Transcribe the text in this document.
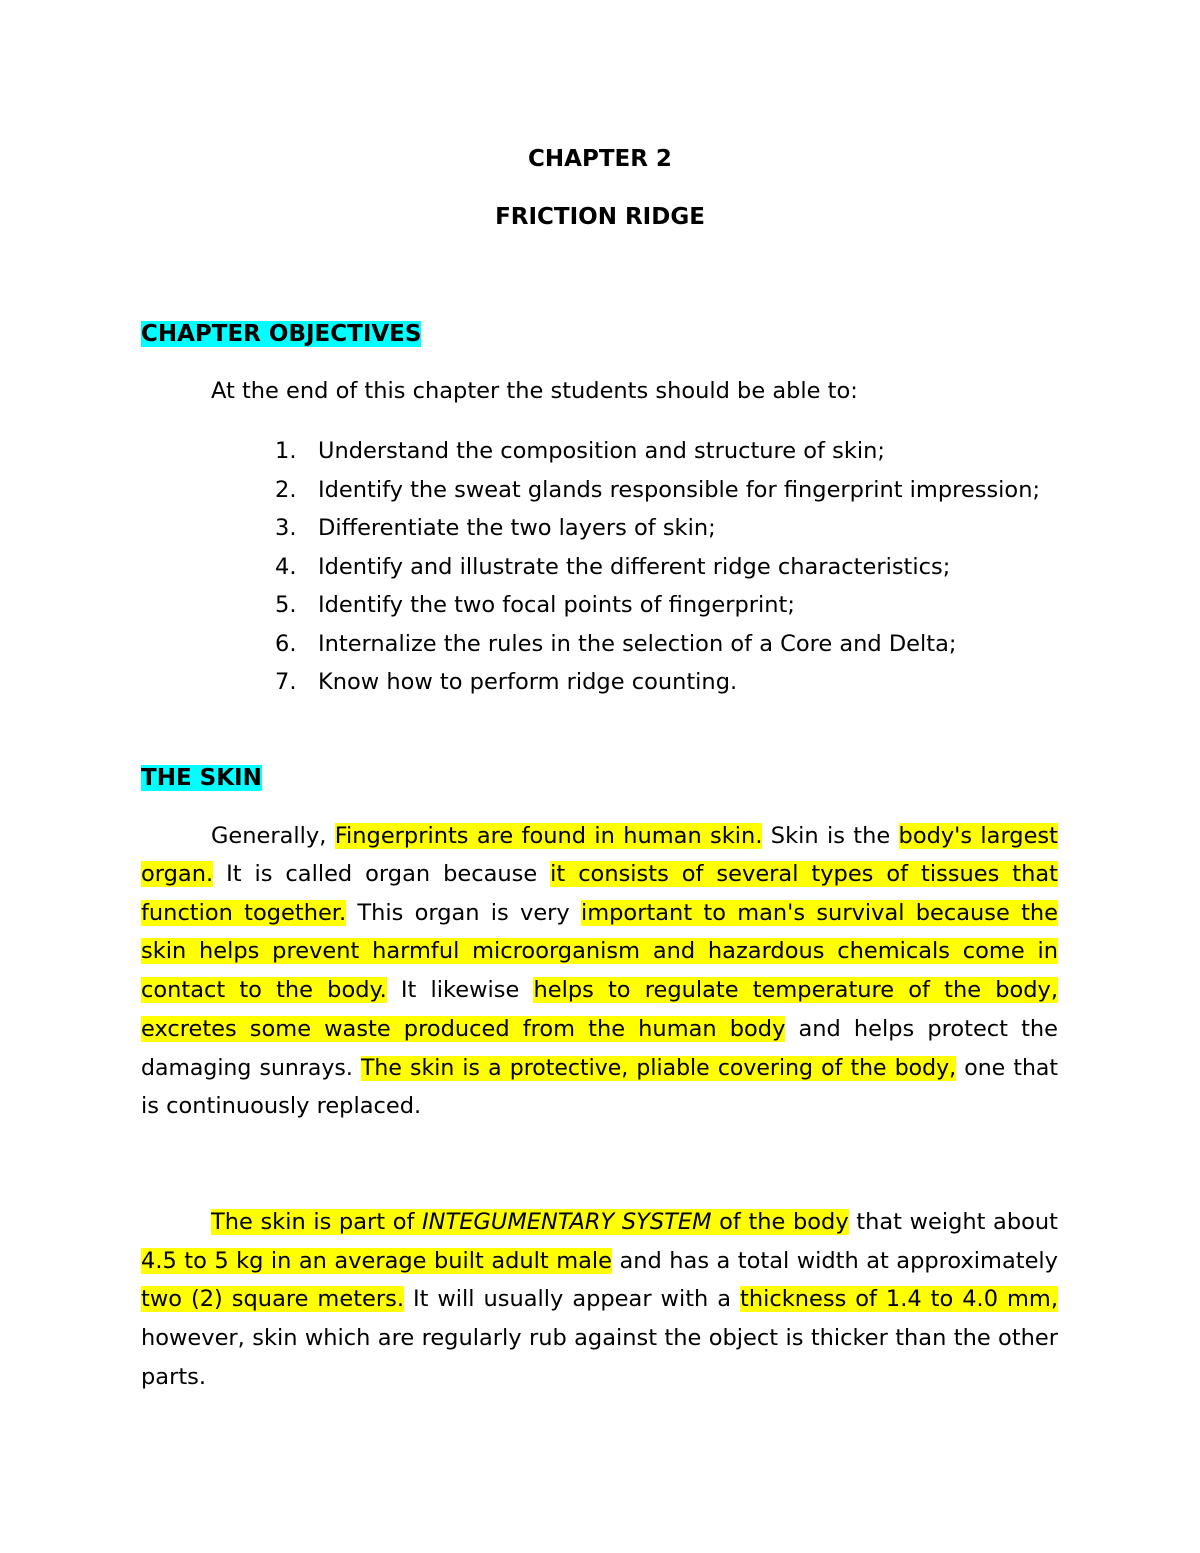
CHAPTER 2
FRICTION RIDGE
CHAPTER OBJECTIVES
At the end of this chapter the students should be able to:
1. Understand the composition and structure of skin;
2. Identify the sweat glands responsible for fingerprint impression;
3. Differentiate the two layers of skin;
4. Identify and illustrate the different ridge characteristics;
5. Identify the two focal points of fingerprint;
6. Internalize the rules in the selection of a Core and Delta;
7. Know how to perform ridge counting.
THE SKIN
Generally, Fingerprints are found in human skin. Skin is the body's largest
organ. It is called organ because it consists of several types of tissues that
function together. This organ is very important to man's survival because the
skin helps prevent harmful microorganism and hazardous chemicals come in
contact to the body. It likewise helps to regulate temperature of the body,
excretes some waste produced from the human body and helps protect the
damaging sunrays. The skin is a protective, pliable covering of the body, one that
is continuously replaced.
The skin is part of INTEGUMENTARY SYSTEM of the body that weight about
4.5 to 5 kg in an average built adult male and has a total width at approximately
two (2) square meters. It will usually appear with a thickness of 1.4 to 4.0 mm,
however, skin which are regularly rub against the object is thicker than the other
parts.
